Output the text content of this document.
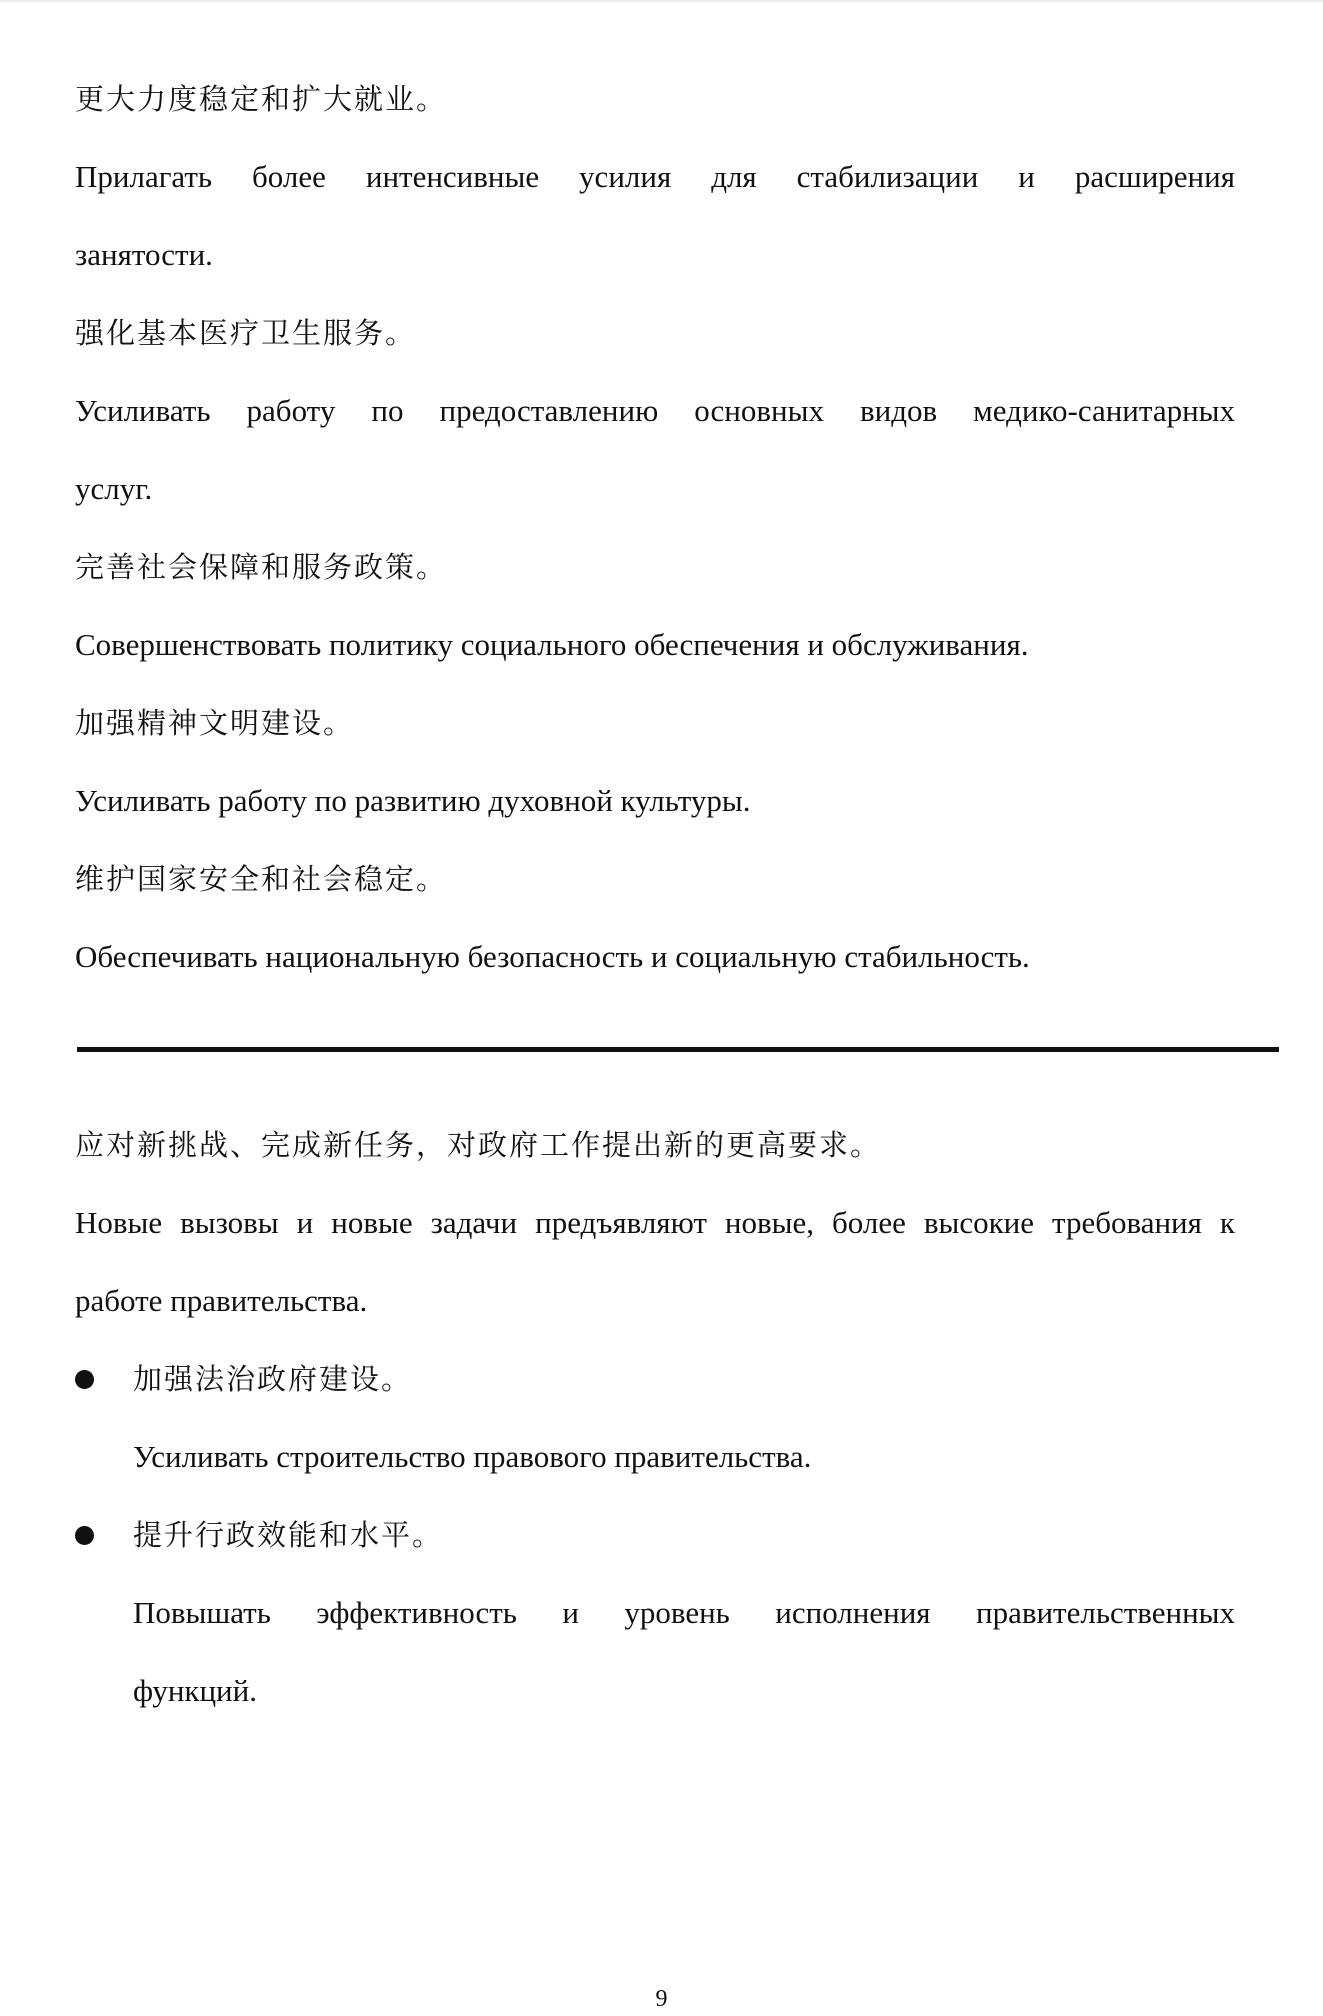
更大力度稳定和扩大就业。

Прилагать более интенсивные усилия для стабилизации и расширения

занятости.

强化基本医疗卫生服务。

Усиливать работу по предоставлению основных видов медико-санитарных

услуг.

完善社会保障和服务政策。

Совершенствовать политику социального обеспечения и обслуживания.

加强精神文明建设。

Усиливать работу по развитию духовной культуры.

维护国家安全和社会稳定。

Обеспечивать национальную безопасность и социальную стабильность.

应对新挑战、完成新任务，对政府工作提出新的更高要求。

Новые вызовы и новые задачи предъявляют новые, более высокие требования к

работе правительства.

加强法治政府建设。

Усиливать строительство правового правительства.

提升行政效能和水平。

Повышать эффективность и уровень исполнения правительственных

функций.

9
